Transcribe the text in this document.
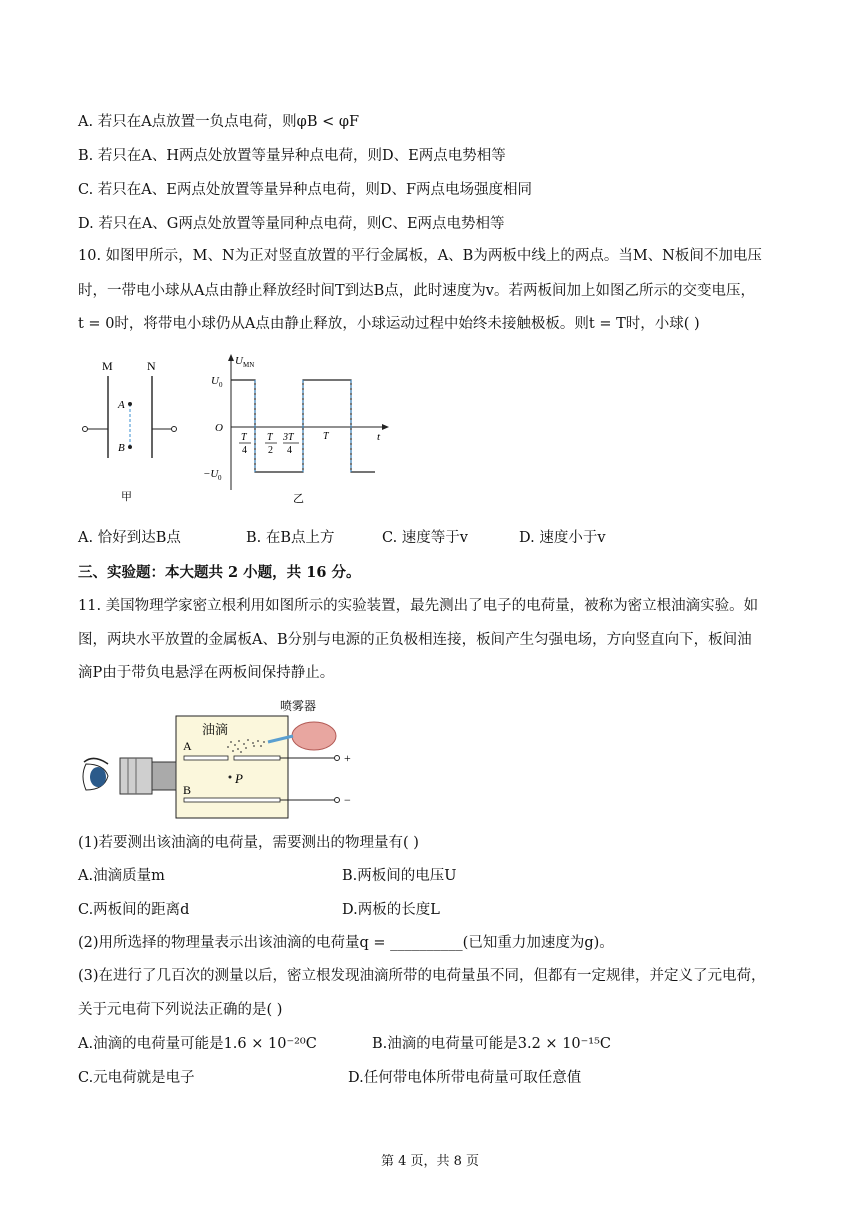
A. 若只在A点放置一负点电荷，则φB < φF
B. 若只在A、H两点处放置等量异种点电荷，则D、E两点电势相等
C. 若只在A、E两点处放置等量异种点电荷，则D、F两点电场强度相同
D. 若只在A、G两点处放置等量同种点电荷，则C、E两点电势相等
10. 如图甲所示，M、N为正对竖直放置的平行金属板，A、B为两板中线上的两点。当M、N板间不加电压
时，一带电小球从A点由静止释放经时间T到达B点，此时速度为v。若两板间加上如图乙所示的交变电压，
t = 0时，将带电小球仍从A点由静止释放，小球运动过程中始终未接触极板。则t = T时，小球( )
M	N
A
B
甲
U MN
t
O
U 0
−U 0
T
4
T
2
3T
4
T
乙
A. 恰好到达B点	B. 在B点上方	C. 速度等于v	D. 速度小于v
三、实验题：本大题共 2 小题，共 16 分。
11. 美国物理学家密立根利用如图所示的实验装置，最先测出了电子的电荷量，被称为密立根油滴实验。如
图，两块水平放置的金属板A、B分别与电源的正负极相连接，板间产生匀强电场，方向竖直向下，板间油
滴P由于带负电悬浮在两板间保持静止。
喷雾器
油滴
A
+
P
B
−
(1)若要测出该油滴的电荷量，需要测出的物理量有( )
A.油滴质量m	B.两板间的电压U
C.两板间的距离d	D.两板的长度L
(2)用所选择的物理量表示出该油滴的电荷量q = __________(已知重力加速度为g)。
(3)在进行了几百次的测量以后，密立根发现油滴所带的电荷量虽不同，但都有一定规律，并定义了元电荷，
关于元电荷下列说法正确的是( )
A.油滴的电荷量可能是1.6 × 10⁻²⁰C	B.油滴的电荷量可能是3.2 × 10⁻¹⁵C
C.元电荷就是电子	D.任何带电体所带电荷量可取任意值
第 4 页，共 8 页
